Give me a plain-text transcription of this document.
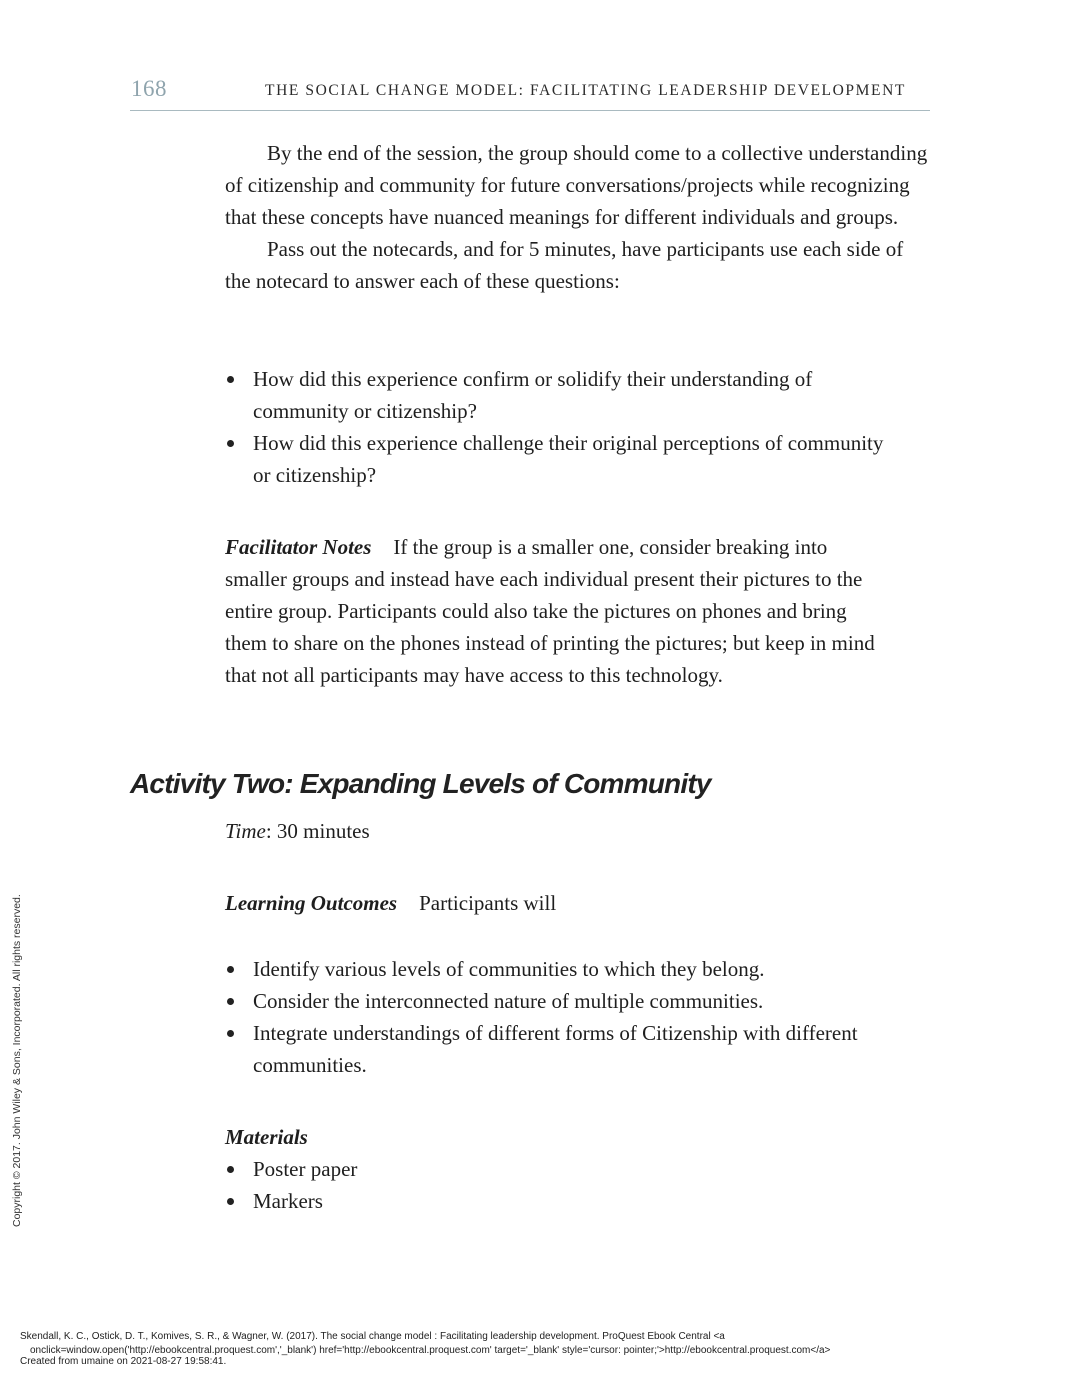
168	THE SOCIAL CHANGE MODEL: FACILITATING LEADERSHIP DEVELOPMENT

By the end of the session, the group should come to a collective understanding of citizenship and community for future conversations/projects while recognizing that these concepts have nuanced meanings for different individuals and groups.

Pass out the notecards, and for 5 minutes, have participants use each side of the notecard to answer each of these questions:

How did this experience confirm or solidify their understanding of community or citizenship?
How did this experience challenge their original perceptions of community or citizenship?
Facilitator Notes If the group is a smaller one, consider breaking into smaller groups and instead have each individual present their pictures to the entire group. Participants could also take the pictures on phones and bring them to share on the phones instead of printing the pictures; but keep in mind that not all participants may have access to this technology.
Activity Two: Expanding Levels of Community
Time: 30 minutes
Learning Outcomes Participants will
Identify various levels of communities to which they belong.
Consider the interconnected nature of multiple communities.
Integrate understandings of different forms of Citizenship with different communities.
Materials
Poster paper
Markers
Copyright © 2017. John Wiley & Sons, Incorporated. All rights reserved.
Skendall, K. C., Ostick, D. T., Komives, S. R., & Wagner, W. (2017). The social change model : Facilitating leadership development. ProQuest Ebook Central <a
onclick=window.open('http://ebookcentral.proquest.com','_blank') href='http://ebookcentral.proquest.com' target='_blank' style='cursor: pointer;'>http://ebookcentral.proquest.com</a>
Created from umaine on 2021-08-27 19:58:41.
